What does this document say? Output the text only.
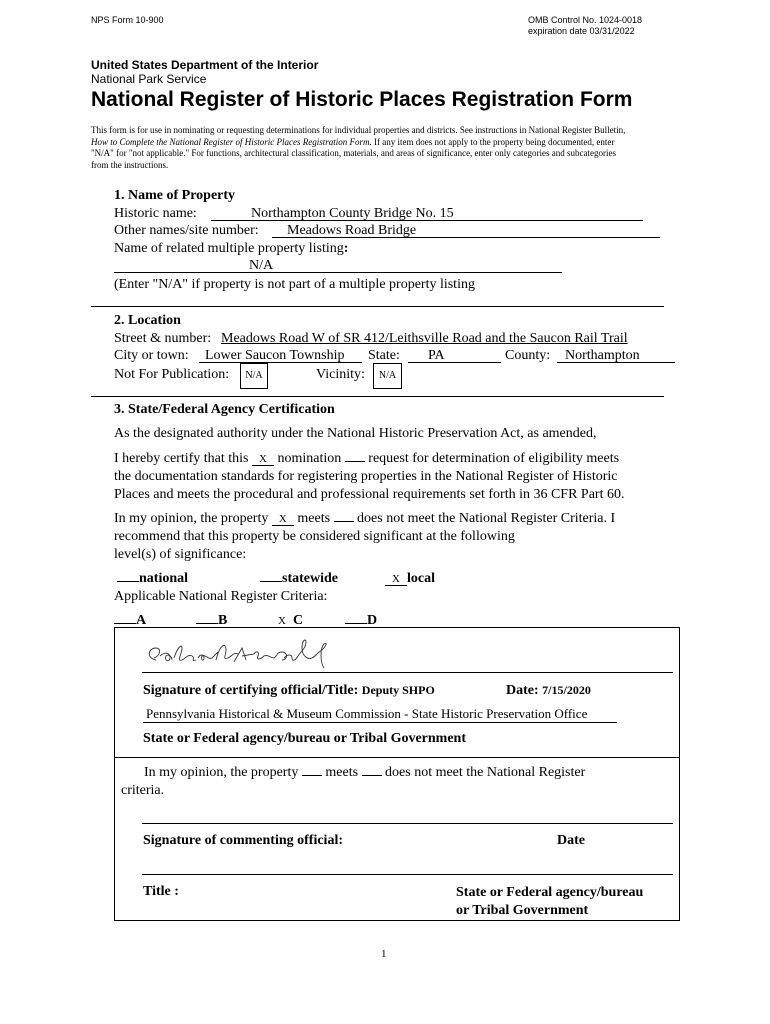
NPS Form 10-900	OMB Control No. 1024-0018
expiration date 03/31/2022
United States Department of the Interior
National Park Service
National Register of Historic Places Registration Form
This form is for use in nominating or requesting determinations for individual properties and districts. See instructions in National Register Bulletin,
How to Complete the National Register of Historic Places Registration Form. If any item does not apply to the property being documented, enter
"N/A" for "not applicable." For functions, architectural classification, materials, and areas of significance, enter only categories and subcategories
from the instructions.
1. Name of Property
Historic name:	Northampton County Bridge No. 15
Other names/site number: Meadows Road Bridge
Name of related multiple property listing:
N/A
(Enter "N/A" if property is not part of a multiple property listing
2. Location
Street & number: Meadows Road W of SR 412/Leithsville Road and the Saucon Rail Trail
City or town: Lower Saucon Township State: PA	County: Northampton
Not For Publication:	N/A	Vicinity:	N/A
3. State/Federal Agency Certification
As the designated authority under the National Historic Preservation Act, as amended,
I hereby certify that this X nomination request for determination of eligibility meets
the documentation standards for registering properties in the National Register of Historic
Places and meets the procedural and professional requirements set forth in 36 CFR Part 60.
In my opinion, the property X meets does not meet the National Register Criteria. I
recommend that this property be considered significant at the following
level(s) of significance:
national	statewide	X local
Applicable National Register Criteria:
A	B	X C	D
Signature of certifying official/Title: Deputy SHPO	Date: 7/15/2020
Pennsylvania Historical & Museum Commission - State Historic Preservation Office
State or Federal agency/bureau or Tribal Government
In my opinion, the property meets does not meet the National Register
criteria.
Signature of commenting official:	Date
Title :	State or Federal agency/bureau
or Tribal Government
1
